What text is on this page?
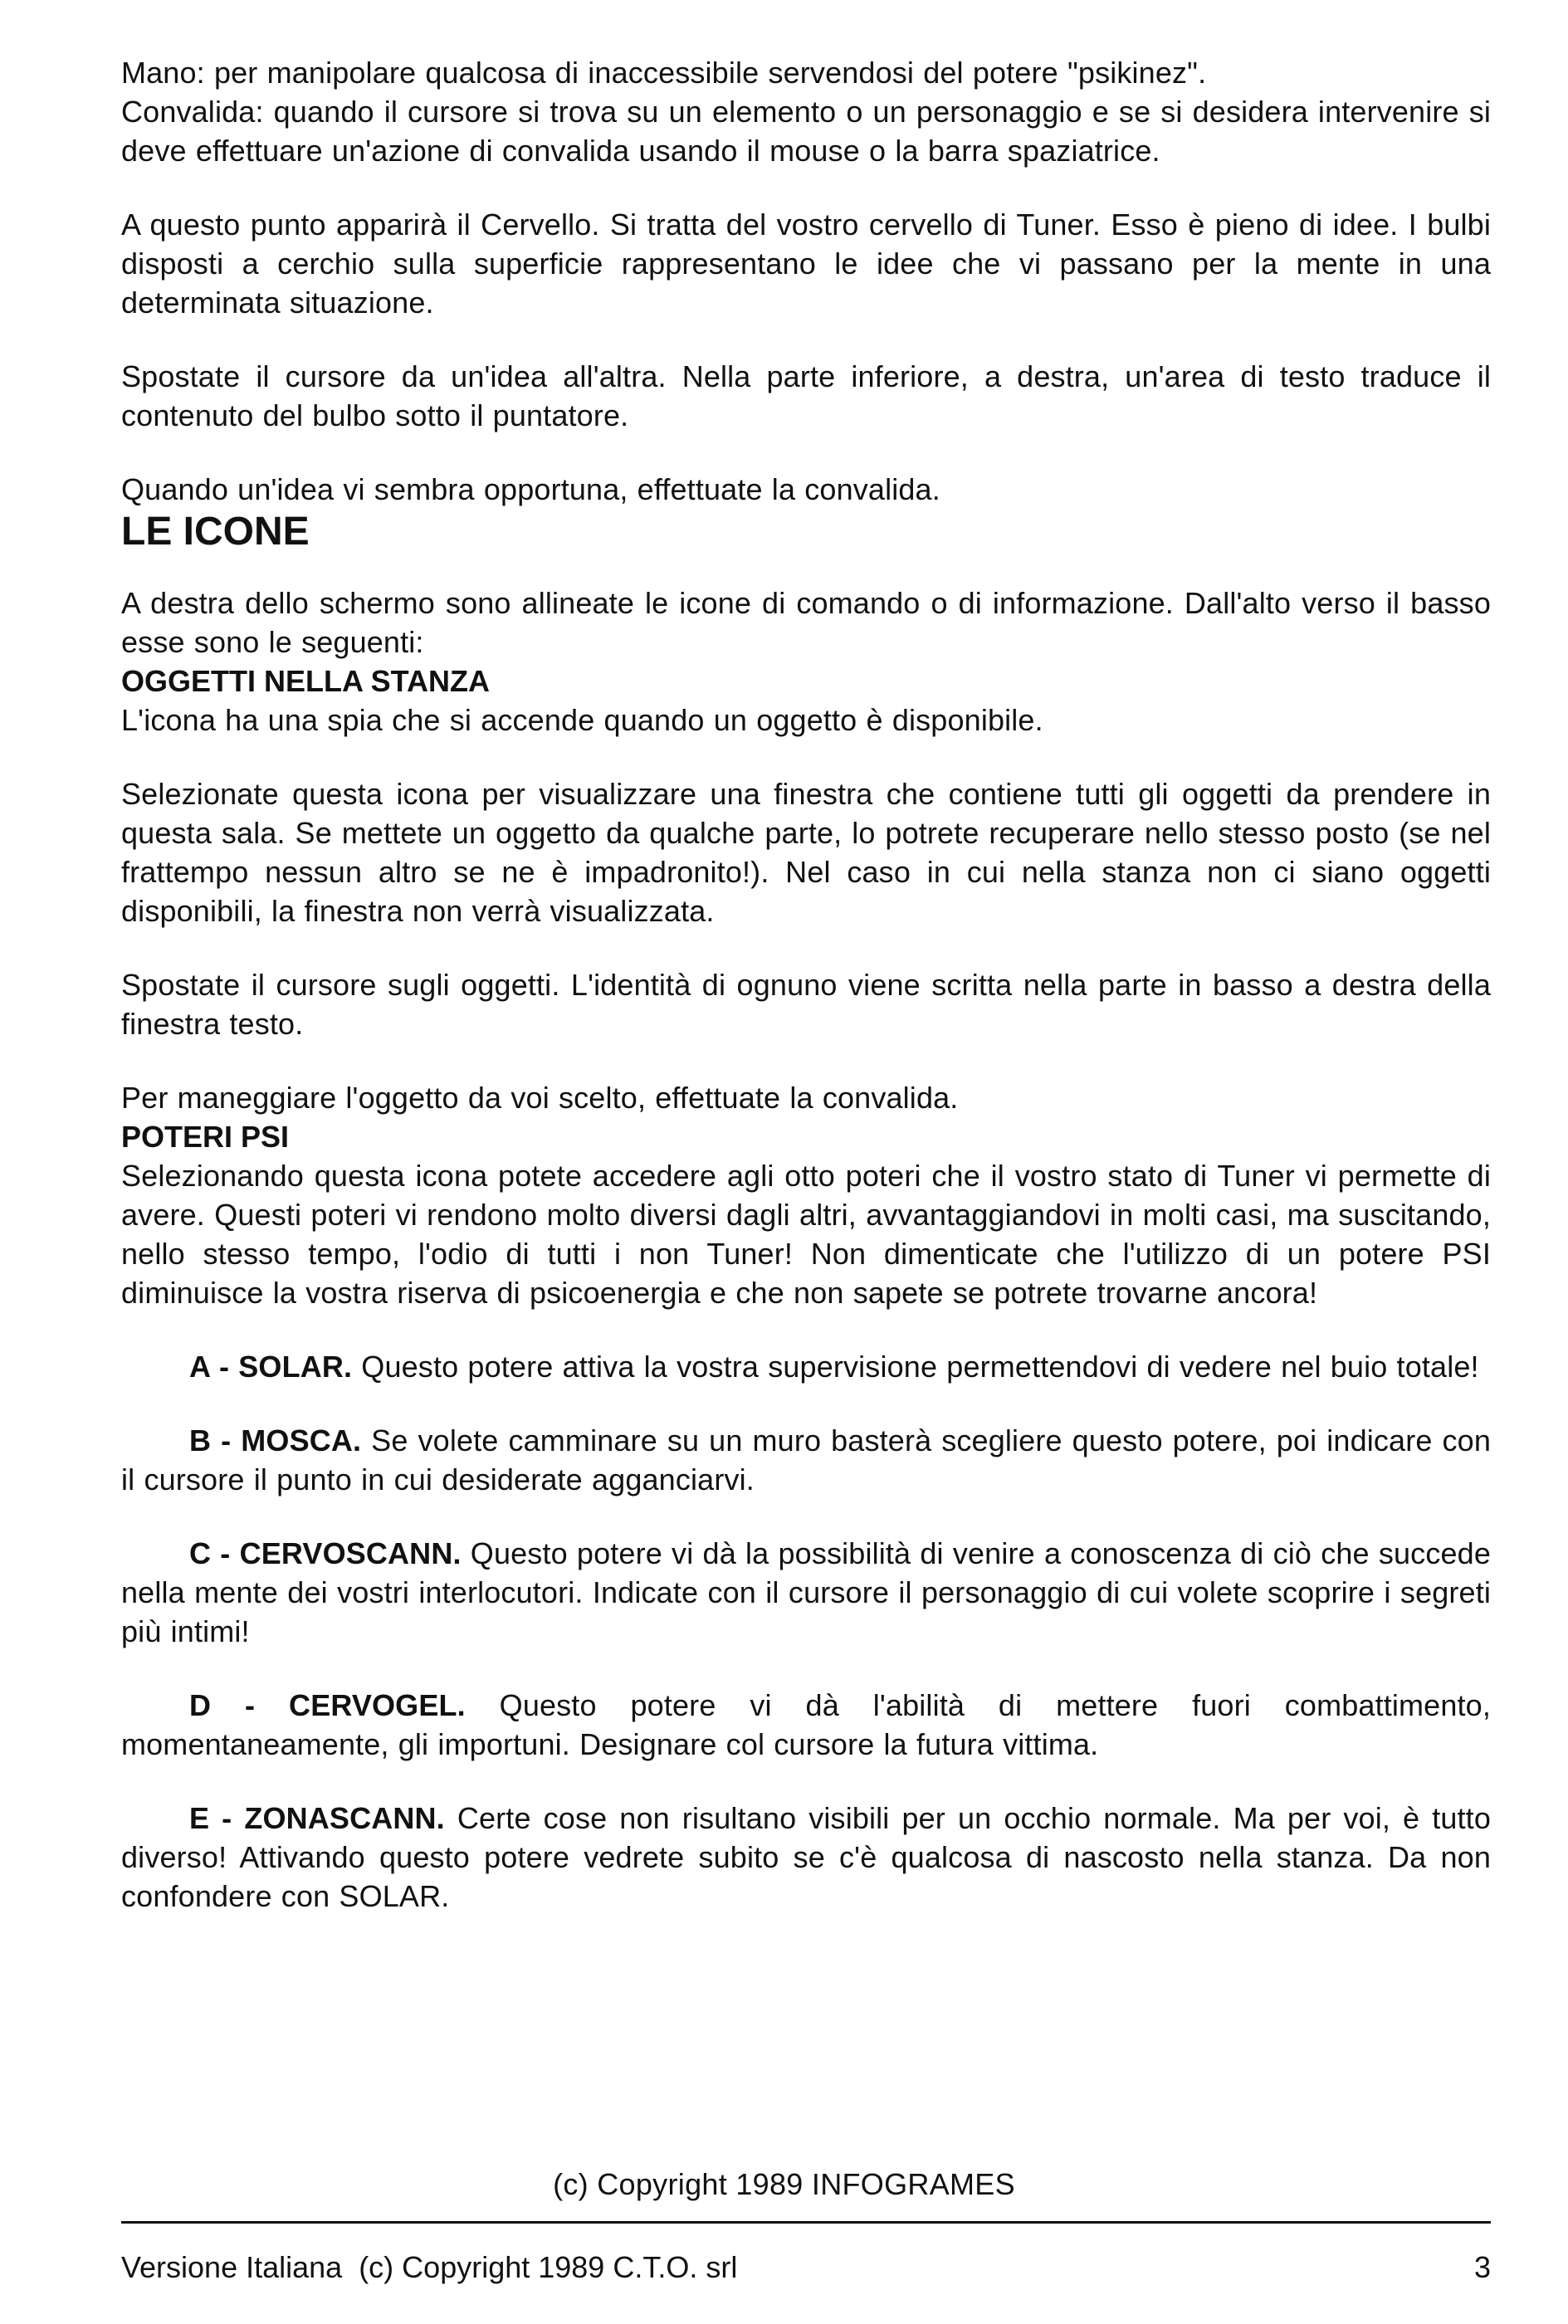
Mano: per manipolare qualcosa di inaccessibile servendosi del potere "psikinez".

Convalida: quando il cursore si trova su un elemento o un personaggio e se si desidera intervenire si deve effettuare un'azione di convalida usando il mouse o la barra spaziatrice.

A questo punto apparirà il Cervello. Si tratta del vostro cervello di Tuner. Esso è pieno di idee. I bulbi disposti a cerchio sulla superficie rappresentano le idee che vi passano per la mente in una determinata situazione.

Spostate il cursore da un'idea all'altra. Nella parte inferiore, a destra, un'area di testo traduce il contenuto del bulbo sotto il puntatore.

Quando un'idea vi sembra opportuna, effettuate la convalida.

LE ICONE

A destra dello schermo sono allineate le icone di comando o di informazione. Dall'alto verso il basso esse sono le seguenti:

OGGETTI NELLA STANZA

L'icona ha una spia che si accende quando un oggetto è disponibile.

Selezionate questa icona per visualizzare una finestra che contiene tutti gli oggetti da prendere in questa sala. Se mettete un oggetto da qualche parte, lo potrete recuperare nello stesso posto (se nel frattempo nessun altro se ne è impadronito!). Nel caso in cui nella stanza non ci siano oggetti disponibili, la finestra non verrà visualizzata.

Spostate il cursore sugli oggetti. L'identità di ognuno viene scritta nella parte in basso a destra della finestra testo.

Per maneggiare l'oggetto da voi scelto, effettuate la convalida.

POTERI PSI

Selezionando questa icona potete accedere agli otto poteri che il vostro stato di Tuner vi permette di avere. Questi poteri vi rendono molto diversi dagli altri, avvantaggiandovi in molti casi, ma suscitando, nello stesso tempo, l'odio di tutti i non Tuner! Non dimenticate che l'utilizzo di un potere PSI diminuisce la vostra riserva di psicoenergia e che non sapete se potrete trovarne ancora!

A - SOLAR. Questo potere attiva la vostra supervisione permettendovi di vedere nel buio totale!

B - MOSCA. Se volete camminare su un muro basterà scegliere questo potere, poi indicare con il cursore il punto in cui desiderate agganciarvi.

C - CERVOSCANN. Questo potere vi dà la possibilità di venire a conoscenza di ciò che succede nella mente dei vostri interlocutori. Indicate con il cursore il personaggio di cui volete scoprire i segreti più intimi!

D - CERVOGEL. Questo potere vi dà l'abilità di mettere fuori combattimento, momentaneamente, gli importuni. Designare col cursore la futura vittima.

E - ZONASCANN. Certe cose non risultano visibili per un occhio normale. Ma per voi, è tutto diverso! Attivando questo potere vedrete subito se c'è qualcosa di nascosto nella stanza. Da non confondere con SOLAR.

(c) Copyright 1989 INFOGRAMES
Versione Italiana  (c) Copyright 1989 C.T.O. srl	3
